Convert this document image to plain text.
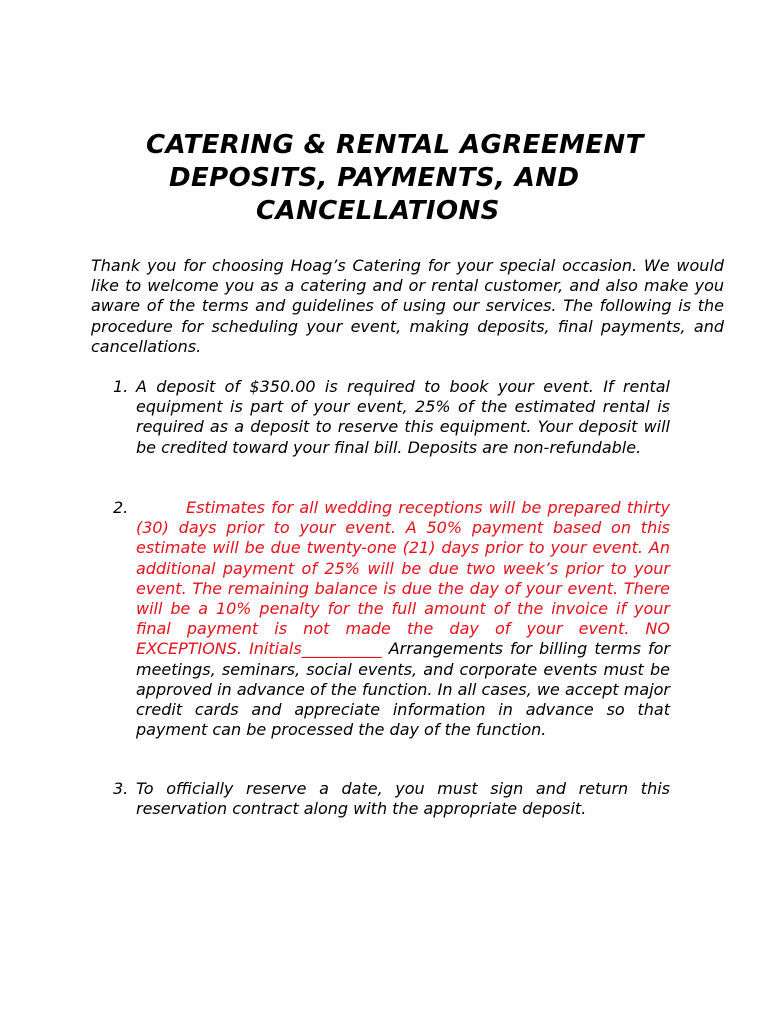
CATERING & RENTAL AGREEMENT
DEPOSITS, PAYMENTS, AND
CANCELLATIONS
Thank you for choosing Hoag’s Catering for your special occasion. We would like to welcome you as a catering and or rental customer, and also make you aware of the terms and guidelines of using our services. The following is the procedure for scheduling your event, making deposits, final payments, and cancellations.
1. A deposit of $350.00 is required to book your event. If rental equipment is part of your event, 25% of the estimated rental is required as a deposit to reserve this equipment. Your deposit will be credited toward your final bill. Deposits are non-refundable.
2.	Estimates for all wedding receptions will be prepared thirty (30) days prior to your event. A 50% payment based on this estimate will be due twenty-one (21) days prior to your event. An additional payment of 25% will be due two week’s prior to your event. The remaining balance is due the day of your event. There will be a 10% penalty for the full amount of the invoice if your final payment is not made the day of your event. NO EXCEPTIONS. Initials__________ Arrangements for billing terms for meetings, seminars, social events, and corporate events must be approved in advance of the function. In all cases, we accept major credit cards and appreciate information in advance so that payment can be processed the day of the function.
3. To officially reserve a date, you must sign and return this reservation contract along with the appropriate deposit.
